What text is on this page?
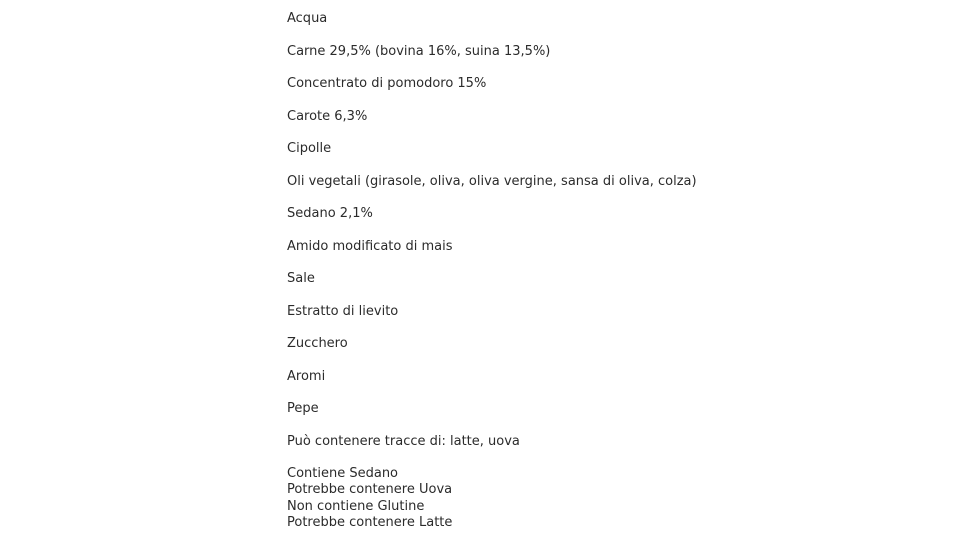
Acqua
Carne 29,5% (bovina 16%, suina 13,5%)
Concentrato di pomodoro 15%
Carote 6,3%
Cipolle
Oli vegetali (girasole, oliva, oliva vergine, sansa di oliva, colza)
Sedano 2,1%
Amido modificato di mais
Sale
Estratto di lievito
Zucchero
Aromi
Pepe
Può contenere tracce di: latte, uova
Contiene Sedano
Potrebbe contenere Uova
Non contiene Glutine
Potrebbe contenere Latte
